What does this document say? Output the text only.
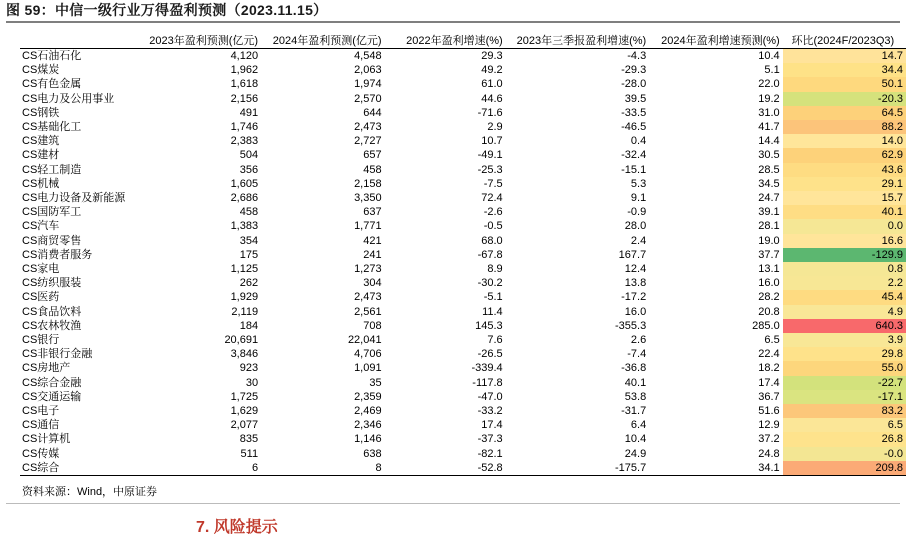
图 59：中信一级行业万得盈利预测（2023.11.15）
	2023年盈利预测(亿元)	2024年盈利预测(亿元)	2022年盈利增速(%)	2023年三季报盈利增速(%)	2024年盈利增速预测(%)	环比(2024F/2023Q3)
CS石油石化	4,120	4,548	29.3	-4.3	10.4	14.7
CS煤炭	1,962	2,063	49.2	-29.3	5.1	34.4
CS有色金属	1,618	1,974	61.0	-28.0	22.0	50.1
CS电力及公用事业	2,156	2,570	44.6	39.5	19.2	-20.3
CS钢铁	491	644	-71.6	-33.5	31.0	64.5
CS基础化工	1,746	2,473	2.9	-46.5	41.7	88.2
CS建筑	2,383	2,727	10.7	0.4	14.4	14.0
CS建材	504	657	-49.1	-32.4	30.5	62.9
CS轻工制造	356	458	-25.3	-15.1	28.5	43.6
CS机械	1,605	2,158	-7.5	5.3	34.5	29.1
CS电力设备及新能源	2,686	3,350	72.4	9.1	24.7	15.7
CS国防军工	458	637	-2.6	-0.9	39.1	40.1
CS汽车	1,383	1,771	-0.5	28.0	28.1	0.0
CS商贸零售	354	421	68.0	2.4	19.0	16.6
CS消费者服务	175	241	-67.8	167.7	37.7	-129.9
CS家电	1,125	1,273	8.9	12.4	13.1	0.8
CS纺织服装	262	304	-30.2	13.8	16.0	2.2
CS医药	1,929	2,473	-5.1	-17.2	28.2	45.4
CS食品饮料	2,119	2,561	11.4	16.0	20.8	4.9
CS农林牧渔	184	708	145.3	-355.3	285.0	640.3
CS银行	20,691	22,041	7.6	2.6	6.5	3.9
CS非银行金融	3,846	4,706	-26.5	-7.4	22.4	29.8
CS房地产	923	1,091	-339.4	-36.8	18.2	55.0
CS综合金融	30	35	-117.8	40.1	17.4	-22.7
CS交通运输	1,725	2,359	-47.0	53.8	36.7	-17.1
CS电子	1,629	2,469	-33.2	-31.7	51.6	83.2
CS通信	2,077	2,346	17.4	6.4	12.9	6.5
CS计算机	835	1,146	-37.3	10.4	37.2	26.8
CS传媒	511	638	-82.1	24.9	24.8	-0.0
CS综合	6	8	-52.8	-175.7	34.1	209.8
资料来源：Wind，中原证券
7. 风险提示
